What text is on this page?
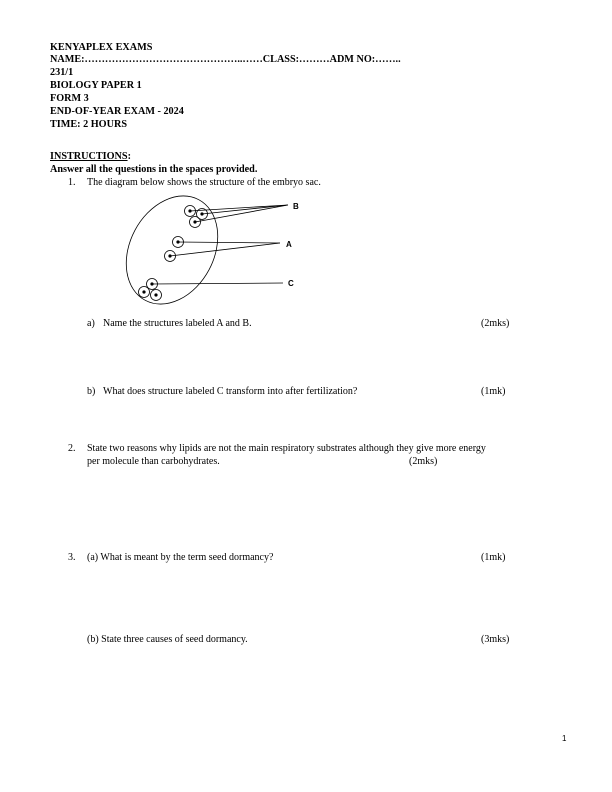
KENYAPLEX EXAMS
NAME:………………………………………..……CLASS:………ADM NO:……..
231/1
BIOLOGY PAPER 1
FORM 3
END-OF-YEAR EXAM - 2024
TIME: 2 HOURS
INSTRUCTIONS:
Answer all the questions in the spaces provided.
1. The diagram below shows the structure of the embryo sac.
B
A
C
a) Name the structures labeled A and B.	(2mks)
b) What does structure labeled C transform into after fertilization?	(1mk)
2. State two reasons why lipids are not the main respiratory substrates although they give more energy
per molecule than carbohydrates.	(2mks)
3. (a) What is meant by the term seed dormancy?	(1mk)
(b) State three causes of seed dormancy.	(3mks)
1
